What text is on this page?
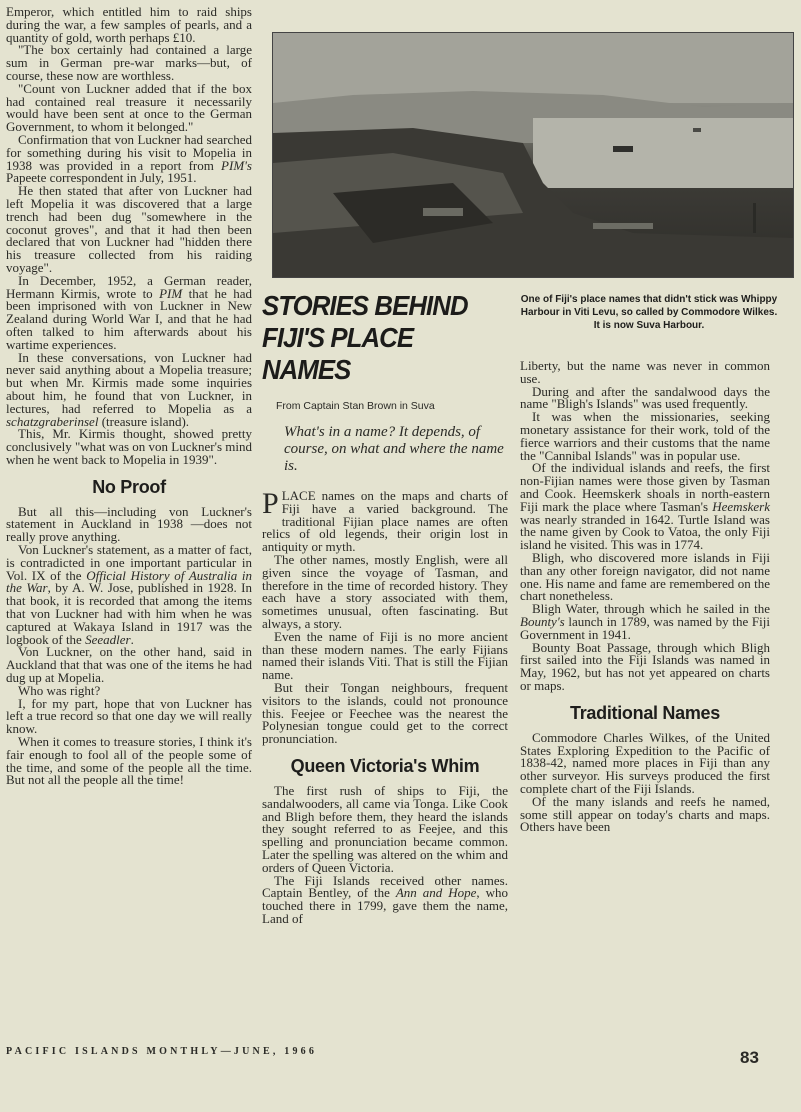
Emperor, which entitled him to raid ships during the war, a few samples of pearls, and a quantity of gold, worth perhaps £10.

"The box certainly had contained a large sum in German pre-war marks—but, of course, these now are worthless.

"Count von Luckner added that if the box had contained real treasure it necessarily would have been sent at once to the German Government, to whom it belonged."

Confirmation that von Luckner had searched for something during his visit to Mopelia in 1938 was provided in a report from PIM's Papeete correspondent in July, 1951.

He then stated that after von Luckner had left Mopelia it was discovered that a large trench had been dug "somewhere in the coconut groves", and that it had then been declared that von Luckner had "hidden there his treasure collected from his raiding voyage".

In December, 1952, a German reader, Hermann Kirmis, wrote to PIM that he had been imprisoned with von Luckner in New Zealand during World War I, and that he had often talked to him afterwards about his wartime experiences.

In these conversations, von Luckner had never said anything about a Mopelia treasure; but when Mr. Kirmis made some inquiries about him, he found that von Luckner, in lectures, had referred to Mopelia as a schatzgraberinsel (treasure island).

This, Mr. Kirmis thought, showed pretty conclusively "what was on von Luckner's mind when he went back to Mopelia in 1939".

No Proof

But all this—including von Luckner's statement in Auckland in 1938 —does not really prove anything.

Von Luckner's statement, as a matter of fact, is contradicted in one important particular in Vol. IX of the Official History of Australia in the War, by A. W. Jose, published in 1928. In that book, it is recorded that among the items that von Luckner had with him when he was captured at Wakaya Island in 1917 was the logbook of the Seeadler.

Von Luckner, on the other hand, said in Auckland that that was one of the items he had dug up at Mopelia.

Who was right?

I, for my part, hope that von Luckner has left a true record so that one day we will really know.

When it comes to treasure stories, I think it's fair enough to fool all of the people some of the time, and some of the people all the time. But not all the people all the time!

One of Fiji's place names that didn't stick was Whippy Harbour in Viti Levu, so called by Commodore Wilkes. It is now Suva Harbour.
STORIES BEHIND FIJI'S PLACE NAMES
From Captain Stan Brown in Suva
What's in a name? It depends, of course, on what and where the name is.

PLACE names on the maps and charts of Fiji have a varied background. The traditional Fijian place names are often relics of old legends, their origin lost in antiquity or myth.

The other names, mostly English, were all given since the voyage of Tasman, and therefore in the time of recorded history. They each have a story associated with them, sometimes unusual, often fascinating. But always, a story.

Even the name of Fiji is no more ancient than these modern names. The early Fijians named their islands Viti. That is still the Fijian name.

But their Tongan neighbours, frequent visitors to the islands, could not pronounce this. Feejee or Feechee was the nearest the Polynesian tongue could get to the correct pronunciation.

Queen Victoria's Whim

The first rush of ships to Fiji, the sandalwooders, all came via Tonga. Like Cook and Bligh before them, they heard the islands they sought referred to as Feejee, and this spelling and pronunciation became common. Later the spelling was altered on the whim and orders of Queen Victoria.

The Fiji Islands received other names. Captain Bentley, of the Ann and Hope, who touched there in 1799, gave them the name, Land of

Liberty, but the name was never in common use.

During and after the sandalwood days the name "Bligh's Islands" was used frequently.

It was when the missionaries, seeking monetary assistance for their work, told of the fierce warriors and their customs that the name the "Cannibal Islands" was in popular use.

Of the individual islands and reefs, the first non-Fijian names were those given by Tasman and Cook. Heemskerk shoals in north-eastern Fiji mark the place where Tasman's Heemskerk was nearly stranded in 1642. Turtle Island was the name given by Cook to Vatoa, the only Fiji island he visited. This was in 1774.

Bligh, who discovered more islands in Fiji than any other foreign navigator, did not name one. His name and fame are remembered on the chart nonetheless.

Bligh Water, through which he sailed in the Bounty's launch in 1789, was named by the Fiji Government in 1941.

Bounty Boat Passage, through which Bligh first sailed into the Fiji Islands was named in May, 1962, but has not yet appeared on charts or maps.

Traditional Names

Commodore Charles Wilkes, of the United States Exploring Expedition to the Pacific of 1838-42, named more places in Fiji than any other surveyor. His surveys produced the first complete chart of the Fiji Islands.

Of the many islands and reefs he named, some still appear on today's charts and maps. Others have been

PACIFIC ISLANDS MONTHLY—JUNE, 1966	83
